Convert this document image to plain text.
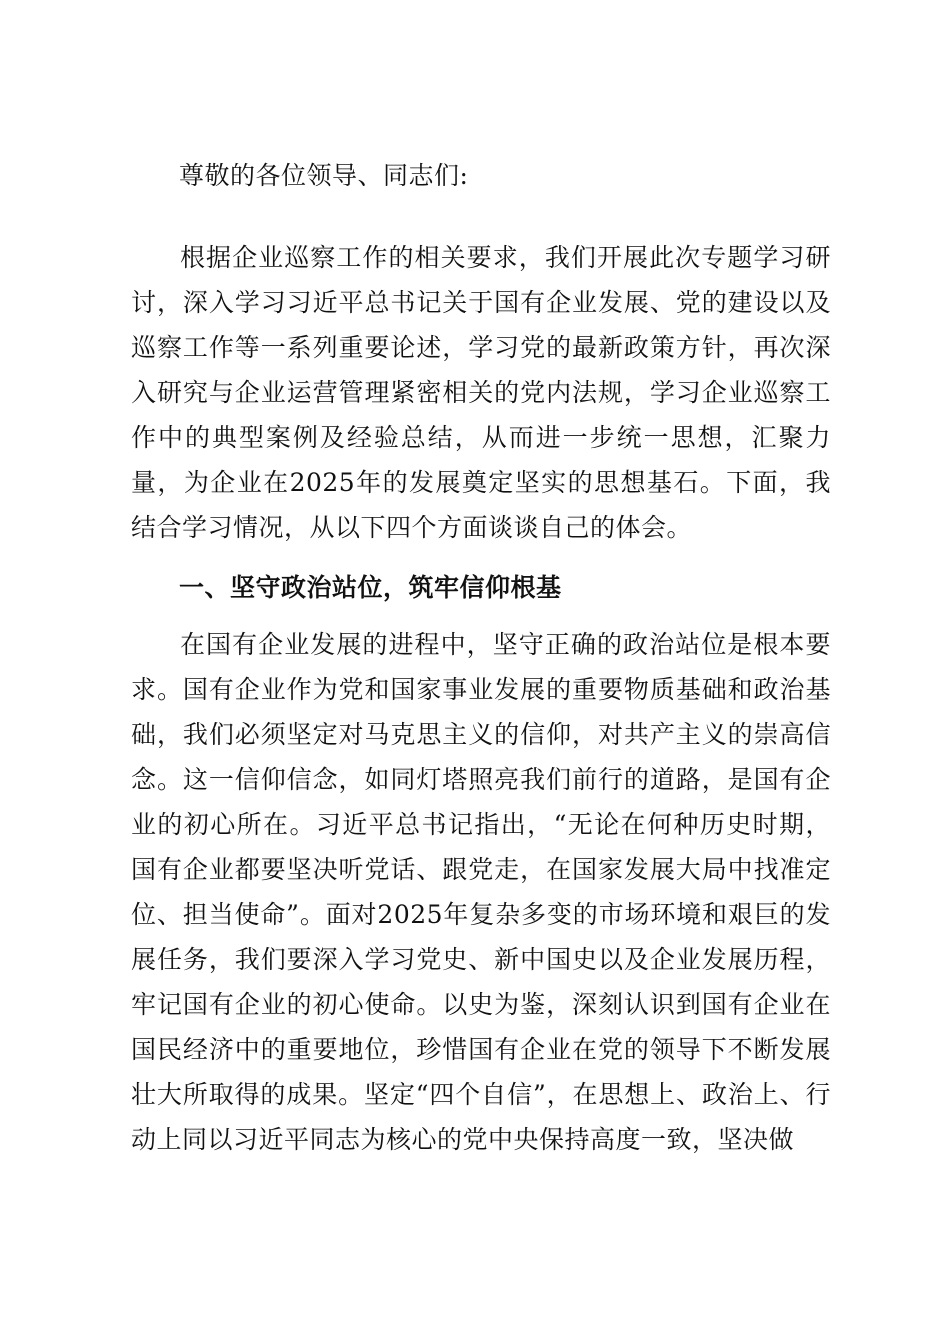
尊敬的各位领导、同志们:

根据企业巡察工作的相关要求，我们开展此次专题学习研讨，深入学习习近平总书记关于国有企业发展、党的建设以及巡察工作等一系列重要论述，学习党的最新政策方针，再次深入研究与企业运营管理紧密相关的党内法规，学习企业巡察工作中的典型案例及经验总结，从而进一步统一思想，汇聚力量，为企业在2025年的发展奠定坚实的思想基石。下面，我结合学习情况，从以下四个方面谈谈自己的体会。

一、坚守政治站位，筑牢信仰根基

在国有企业发展的进程中，坚守正确的政治站位是根本要求。国有企业作为党和国家事业发展的重要物质基础和政治基础，我们必须坚定对马克思主义的信仰，对共产主义的崇高信念。这一信仰信念，如同灯塔照亮我们前行的道路，是国有企业的初心所在。习近平总书记指出，“无论在何种历史时期，国有企业都要坚决听党话、跟党走，在国家发展大局中找准定位、担当使命”。面对2025年复杂多变的市场环境和艰巨的发展任务，我们要深入学习党史、新中国史以及企业发展历程，牢记国有企业的初心使命。以史为鉴，深刻认识到国有企业在国民经济中的重要地位，珍惜国有企业在党的领导下不断发展壮大所取得的成果。坚定“四个自信”，在思想上、政治上、行动上同以习近平同志为核心的党中央保持高度一致，坚决做
